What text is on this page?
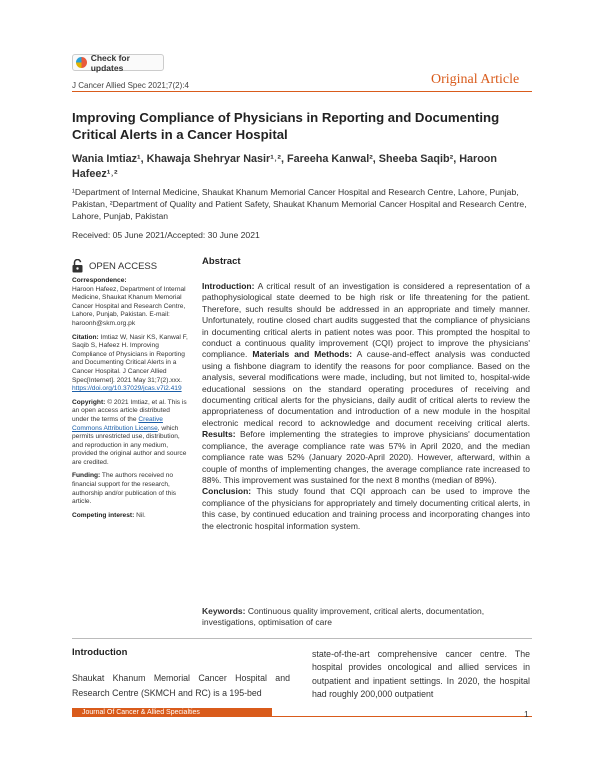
Check for updates
J Cancer Allied Spec 2021;7(2):4	Original Article
Improving Compliance of Physicians in Reporting and Documenting Critical Alerts in a Cancer Hospital
Wania Imtiaz¹, Khawaja Shehryar Nasir¹˒², Fareeha Kanwal², Sheeba Saqib², Haroon Hafeez¹˒²
¹Department of Internal Medicine, Shaukat Khanum Memorial Cancer Hospital and Research Centre, Lahore, Punjab, Pakistan, ²Department of Quality and Patient Safety, Shaukat Khanum Memorial Cancer Hospital and Research Centre, Lahore, Punjab, Pakistan
Received: 05 June 2021/Accepted: 30 June 2021
OPEN ACCESS

Correspondence:
Haroon Hafeez, Department of Internal Medicine, Shaukat Khanum Memorial Cancer Hospital and Research Centre, Lahore, Punjab, Pakistan. E-mail: haroonh@skm.org.pk

Citation: Imtiaz W, Nasir KS, Kanwal F, Saqib S, Hafeez H. Improving Compliance of Physicians in Reporting and Documenting Critical Alerts in a Cancer Hospital. J Cancer Allied Spec[Internet]. 2021 May 31;7(2).xxx. https://doi.org/10.37029/jcas.v7i2.419

Copyright: © 2021 Imtiaz, et al. This is an open access article distributed under the terms of the Creative Commons Attribution License, which permits unrestricted use, distribution, and reproduction in any medium, provided the original author and source are credited.

Funding: The authors received no financial support for the research, authorship and/or publication of this article.

Competing interest: Nil.

Abstract
Introduction: A critical result of an investigation is considered a representation of a pathophysiological state deemed to be high risk or life threatening for the patient. Therefore, such results should be addressed in an appropriate and timely manner. Unfortunately, routine closed chart audits suggested that the compliance of physicians in documenting critical alerts in patient notes was poor. This prompted the hospital to conduct a continuous quality improvement (CQI) project to improve the physicians' compliance. Materials and Methods: A cause-and-effect analysis was conducted using a fishbone diagram to identify the reasons for poor compliance. Based on the analysis, several modifications were made, including, but not limited to, hospital-wide educational sessions on the standard operating procedures of receiving and documenting critical alerts for the physicians, daily audit of critical alerts to review the appropriateness of documentation and introduction of a new module in the hospital electronic medical record to acknowledge and document receiving critical alerts. Results: Before implementing the strategies to improve physicians' documentation compliance, the average compliance rate was 57% in April 2020, and the median compliance rate was 52% (January 2020-April 2020). However, afterward, within a couple of months of implementing changes, the average compliance rate increased to 88%. This improvement was sustained for the next 8 months (median of 89%).
Conclusion: This study found that CQI approach can be used to improve the compliance of the physicians for appropriately and timely documenting critical alerts, in this case, by continued education and training process and incorporating changes into the electronic hospital information system.
Keywords: Continuous quality improvement, critical alerts, documentation, investigations, optimisation of care
Introduction
Shaukat Khanum Memorial Cancer Hospital and Research Centre (SKMCH and RC) is a 195-bed
state-of-the-art comprehensive cancer centre. The hospital provides oncological and allied services in outpatient and inpatient settings. In 2020, the hospital had roughly 200,000 outpatient
Journal Of Cancer & Allied Specialties	1
